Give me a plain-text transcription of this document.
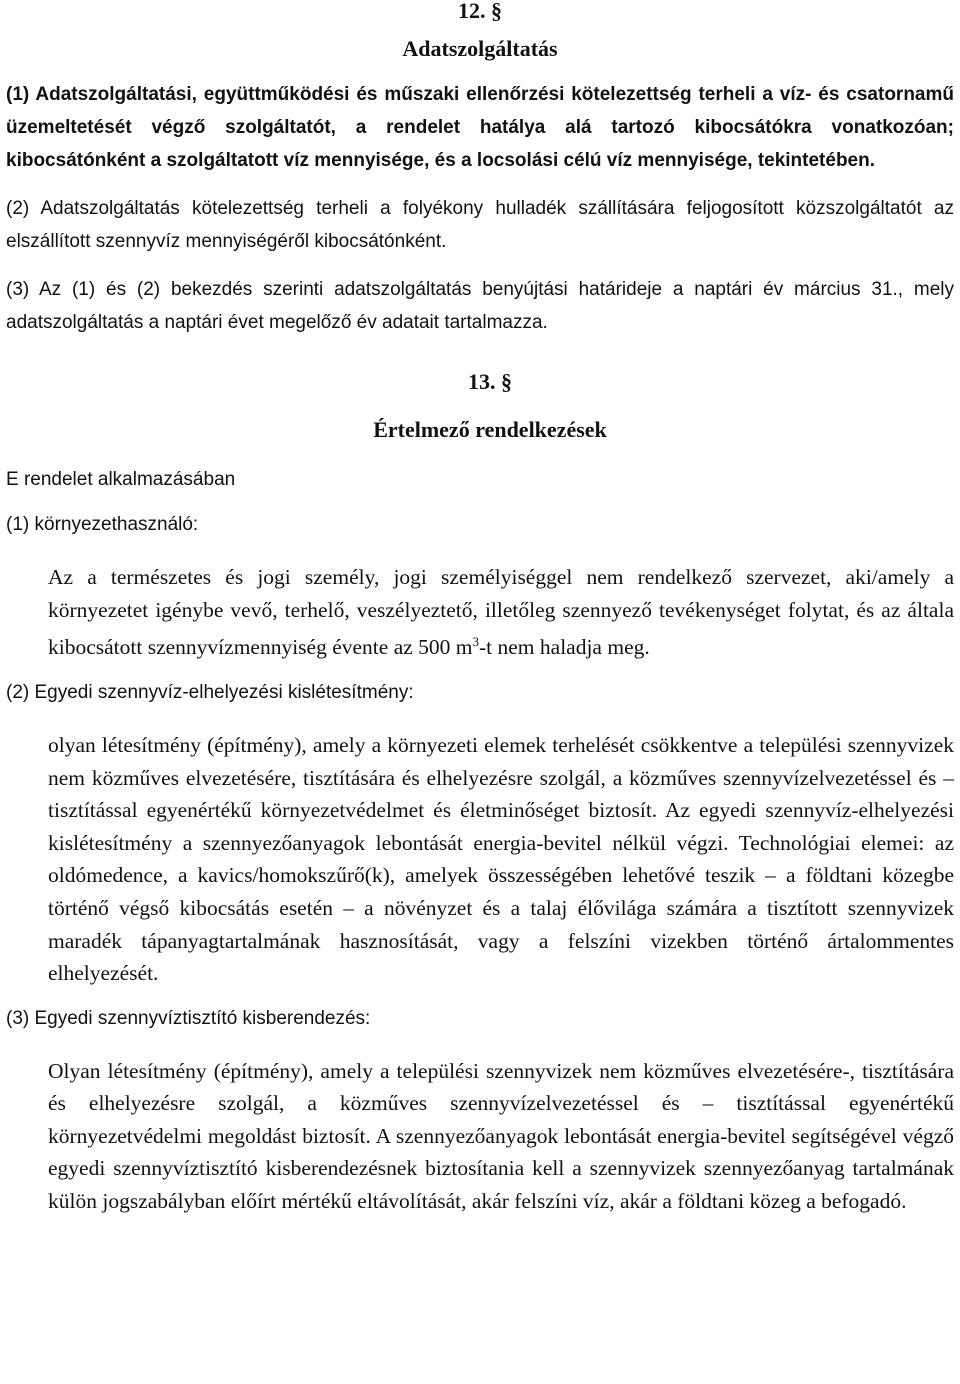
12. §
Adatszolgáltatás

(1) Adatszolgáltatási, együttműködési és műszaki ellenőrzési kötelezettség terheli a víz- és csatornamű üzemeltetését végző szolgáltatót, a rendelet hatálya alá tartozó kibocsátókra vonatkozóan; kibocsátónként a szolgáltatott víz mennyisége, és a locsolási célú víz mennyisége, tekintetében.

(2) Adatszolgáltatás kötelezettség terheli a folyékony hulladék szállítására feljogosított közszolgáltatót az elszállított szennyvíz mennyiségéről kibocsátónként.

(3) Az (1) és (2) bekezdés szerinti adatszolgáltatás benyújtási határideje a naptári év március 31., mely adatszolgáltatás a naptári évet megelőző év adatait tartalmazza.

13. §
Értelmező rendelkezések

E rendelet alkalmazásában

(1) környezethasználó:

Az a természetes és jogi személy, jogi személyiséggel nem rendelkező szervezet, aki/amely a környezetet igénybe vevő, terhelő, veszélyeztető, illetőleg szennyező tevékenységet folytat, és az általa kibocsátott szennyvízmennyiség évente az 500 $m^3-t$ nem haladja meg.

(2) Egyedi szennyvíz-elhelyezési kislétesítmény:

olyan létesítmény (építmény), amely a környezeti elemek terhelését csökkentve a települési szennyvizek nem közműves elvezetésére, tisztítására és elhelyezésre szolgál, a közműves szennyvízelvezetéssel és –tisztítással egyenértékű környezetvédelmet és életminőséget biztosít. Az egyedi szennyvíz-elhelyezési kislétesítmény a szennyezőanyagok lebontását energia-bevitel nélkül végzi. Technológiai elemei: az oldómedence, a kavics/homokszűrő(k), amelyek összességében lehetővé teszik – a földtani közegbe történő végső kibocsátás esetén – a növényzet és a talaj élővilága számára a tisztított szennyvizek maradék tápanyagtartalmának hasznosítását, vagy a felszíni vizekben történő ártalommentes elhelyezését.

(3) Egyedi szennyvíztisztító kisberendezés:

Olyan létesítmény (építmény), amely a települési szennyvizek nem közműves elvezetésére-, tisztítására és elhelyezésre szolgál, a közműves szennyvízelvezetéssel és – tisztítással egyenértékű környezetvédelmi megoldást biztosít. A szennyezőanyagok lebontását energia-bevitel segítségével végző egyedi szennyvíztisztító kisberendezésnek biztosítania kell a szennyvizek szennyezőanyag tartalmának külön jogszabályban előírt mértékű eltávolítását, akár felszíni víz, akár a földtani közeg a befogadó.
